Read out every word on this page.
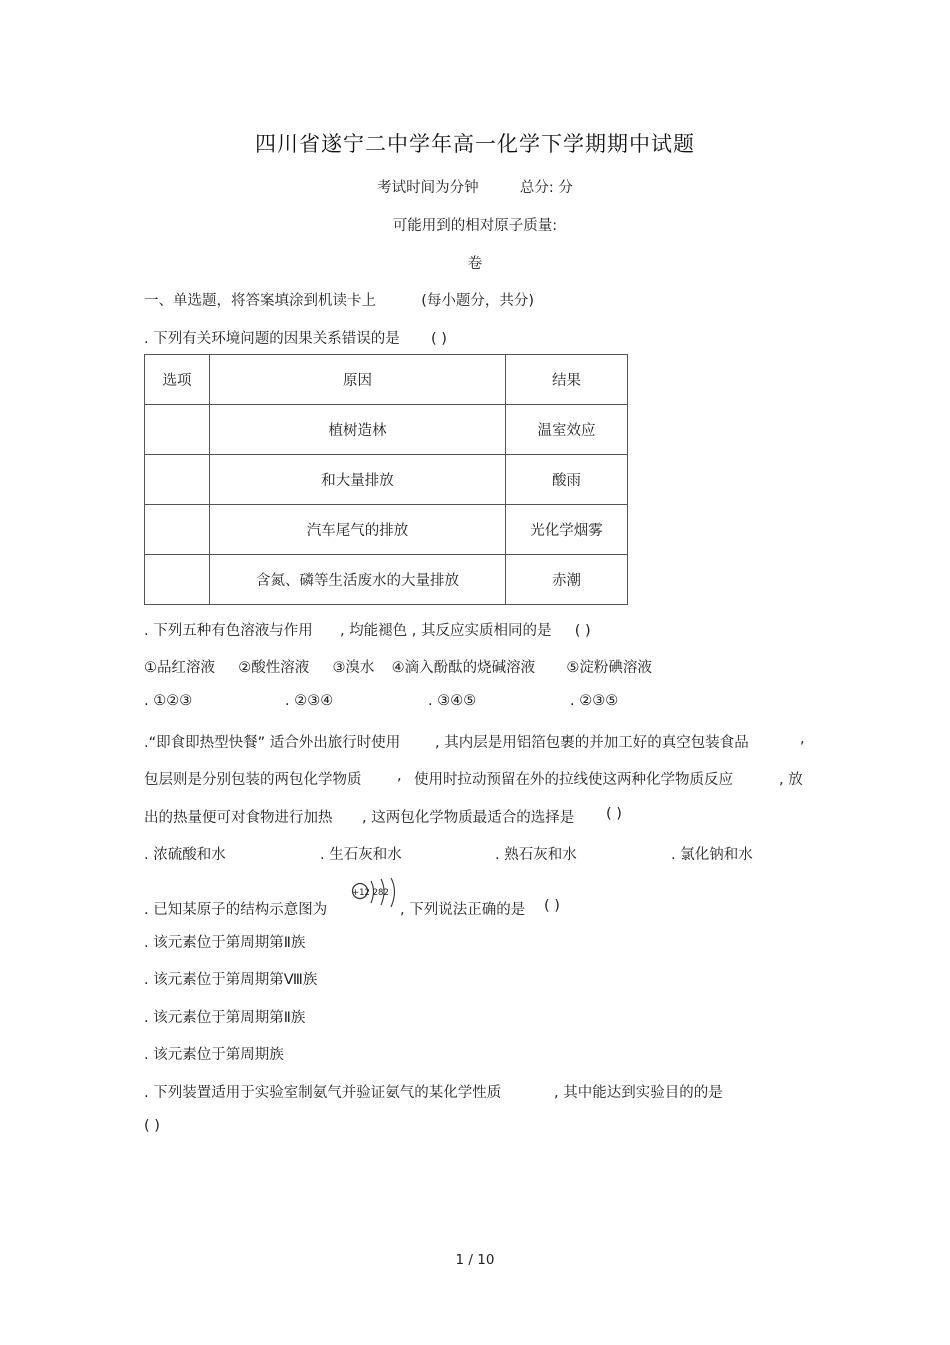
四川省遂宁二中学年高一化学下学期期中试题
考试时间为分钟	总分: 分
可能用到的相对原子质量:
卷
一、单选题，将答案填涂到机读卡上	(每小题分，共分)
. 下列有关环境问题的因果关系错误的是 ( )
选项	原因	结果
	植树造林	温室效应
	和大量排放	酸雨
	汽车尾气的排放	光化学烟雾
	含氮、磷等生活废水的大量排放	赤潮
. 下列五种有色溶液与作用 , 均能褪色 , 其反应实质相同的是 ( )
①品红溶液 ②酸性溶液 ③溴水 ④滴入酚酞的烧碱溶液 ⑤淀粉碘溶液
. ①②③	. ②③④	. ③④⑤	. ②③⑤
.“即食即热型快餐” 适合外出旅行时使用 , 其内层是用铝箔包裹的并加工好的真空包装食品	,
包层则是分别包装的两包化学物质 , 使用时拉动预留在外的拉线使这两种化学物质反应	, 放
出的热量便可对食物进行加热 , 这两包化学物质最适合的选择是 ( )
. 浓硫酸和水	. 生石灰和水	. 熟石灰和水	. 氯化钠和水
. 已知某原子的结构示意图为
+12 282
, 下列说法正确的是 ( )
. 该元素位于第周期第Ⅱ族
. 该元素位于第周期第Ⅷ族
. 该元素位于第周期第Ⅱ族
. 该元素位于第周期族
. 下列装置适用于实验室制氨气并验证氨气的某化学性质	, 其中能达到实验目的的是
( )
1 / 10
